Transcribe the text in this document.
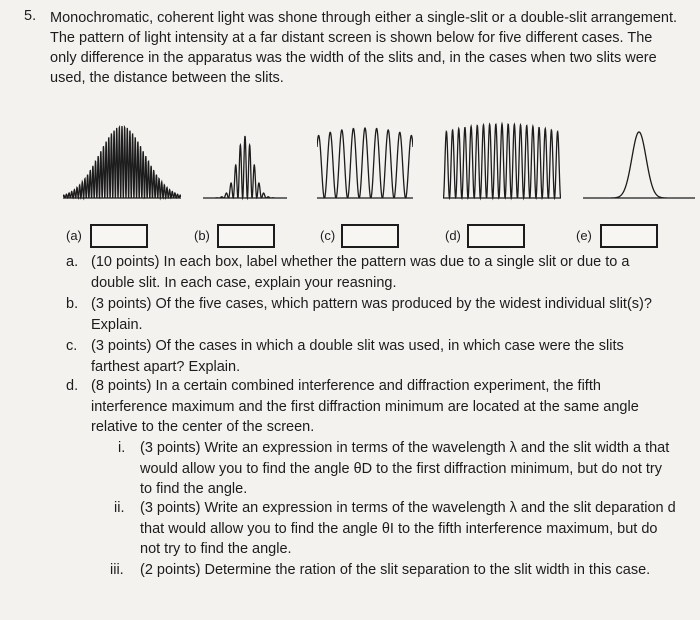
5. Monochromatic, coherent light was shone through either a single-slit or a double-slit arrangement. The pattern of light intensity at a far distant screen is shown below for five different cases. The only difference in the apparatus was the width of the slits and, in the cases when two slits were used, the distance between the slits.
(a)	(b)	(c)	(d)	(e)
a. (10 points) In each box, label whether the pattern was due to a single slit or due to a double slit. In each case, explain your reasning.
b. (3 points) Of the five cases, which pattern was produced by the widest individual slit(s)? Explain.
c. (3 points) Of the cases in which a double slit was used, in which case were the slits farthest apart? Explain.
d. (8 points) In a certain combined interference and diffraction experiment, the fifth interference maximum and the first diffraction minimum are located at the same angle relative to the center of the screen.
i. (3 points) Write an expression in terms of the wavelength λ and the slit width a that would allow you to find the angle θD to the first diffraction minimum, but do not try to find the angle.
ii. (3 points) Write an expression in terms of the wavelength λ and the slit deparation d that would allow you to find the angle θI to the fifth interference maximum, but do not try to find the angle.
iii. (2 points) Determine the ration of the slit separation to the slit width in this case.
